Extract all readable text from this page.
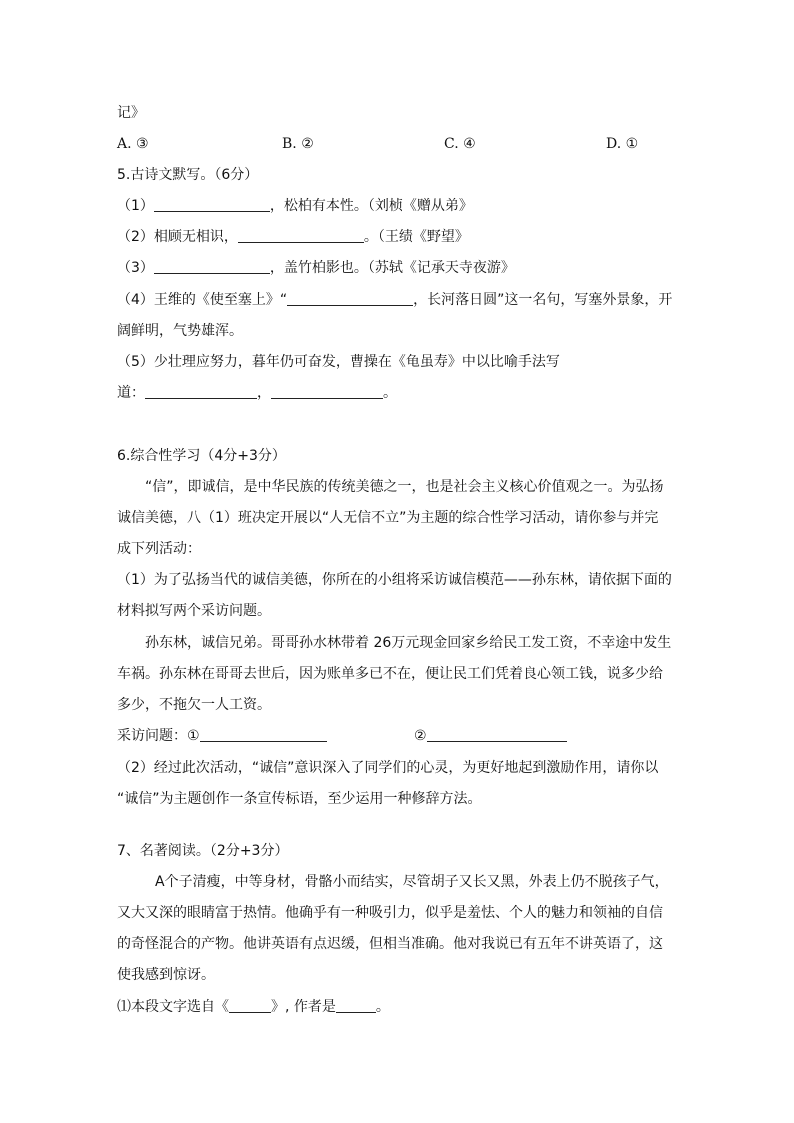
记》
A. ③	B. ②	C. ④	D. ①
5.古诗文默写。（6分）
（1）	，松柏有本性。（刘桢《赠从弟》
（2）相顾无相识，	。（王绩《野望》
（3）	，盖竹柏影也。（苏轼《记承天寺夜游》
（4）王维的《使至塞上》“	，长河落日圆”这一名句，写塞外景象，开
阔鲜明，气势雄浑。
（5）少壮理应努力，暮年仍可奋发，曹操在《龟虽寿》中以比喻手法写
道：	，	。
6.综合性学习（4分+3分）
“信”，即诚信，是中华民族的传统美德之一，也是社会主义核心价值观之一。为弘扬
诚信美德，八（1）班决定开展以“人无信不立”为主题的综合性学习活动，请你参与并完
成下列活动：
（1）为了弘扬当代的诚信美德，你所在的小组将采访诚信模范——孙东林，请依据下面的
材料拟写两个采访问题。
孙东林，诚信兄弟。哥哥孙水林带着 26万元现金回家乡给民工发工资，不幸途中发生
车祸。孙东林在哥哥去世后，因为账单多已不在，便让民工们凭着良心领工钱，说多少给
多少，不拖欠一人工资。
采访问题：①	②
（2）经过此次活动，“诚信”意识深入了同学们的心灵，为更好地起到激励作用，请你以
“诚信”为主题创作一条宣传标语，至少运用一种修辞方法。
7、名著阅读。（2分+3分）
A个子清瘦，中等身材，骨骼小而结实，尽管胡子又长又黑，外表上仍不脱孩子气，
又大又深的眼睛富于热情。他确乎有一种吸引力，似乎是羞怯、个人的魅力和领袖的自信
的奇怪混合的产物。他讲英语有点迟缓，但相当准确。他对我说已有五年不讲英语了，这
使我感到惊讶。
⑴本段文字选自《	》, 作者是	。
